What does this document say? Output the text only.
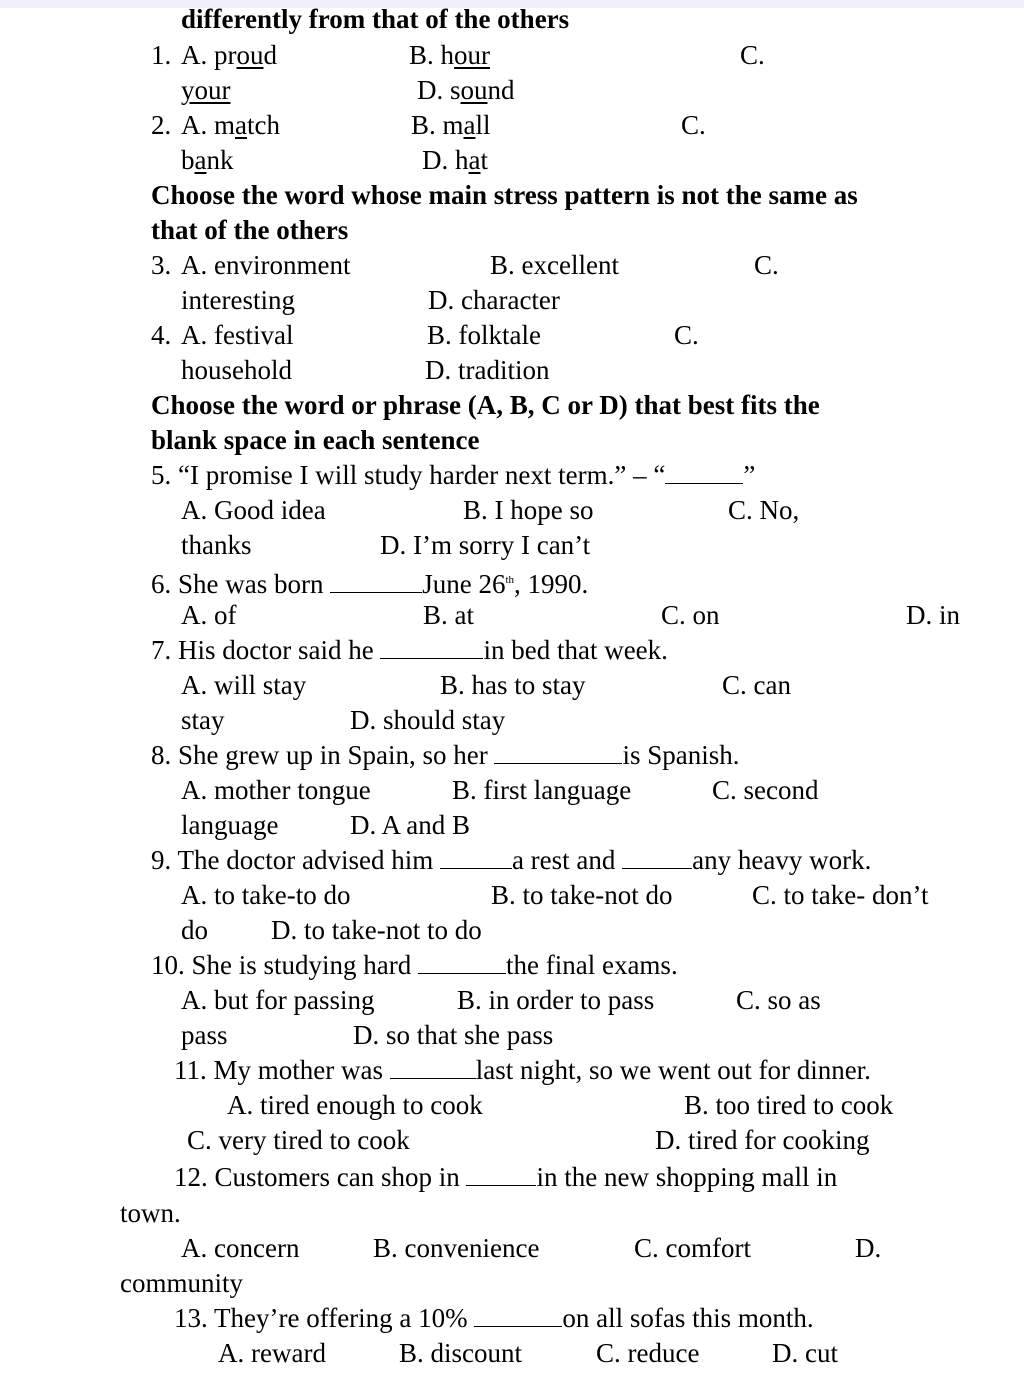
differently from that of the others
1. A. proud	B. hour	C.
your	D. sound
2. A. match	B. mall	C.
bank	D. hat
Choose the word whose main stress pattern is not the same as
that of the others
3. A. environment	B. excellent	C.
interesting	D. character
4. A. festival	B. folktale	C.
household	D. tradition
Choose the word or phrase (A, B, C or D) that best fits the
blank space in each sentence
5. “I promise I will study harder next term.” – “	”
A. Good idea	B. I hope so	C. No,
thanks	D. I’m sorry I can’t
6. She was born	June 26th, 1990.
A. of	B. at	C. on	D. in
7. His doctor said he	in bed that week.
A. will stay	B. has to stay	C. can
stay	D. should stay
8. She grew up in Spain, so her	is Spanish.
A. mother tongue	B. first language	C. second
language	D. A and B
9. The doctor advised him	a rest and	any heavy work.
A. to take-to do	B. to take-not do	C. to take- don’t
do D. to take-not to do
10. She is studying hard	the final exams.
A. but for passing	B. in order to pass	C. so as
pass	D. so that she pass
11. My mother was	last night, so we went out for dinner.
A. tired enough to cook	B. too tired to cook
C. very tired to cook	D. tired for cooking
12. Customers can shop in	in the new shopping mall in
town.
A. concern	B. convenience	C. comfort	D.
community
13. They’re offering a 10%	on all sofas this month.
A. reward	B. discount	C. reduce	D. cut
